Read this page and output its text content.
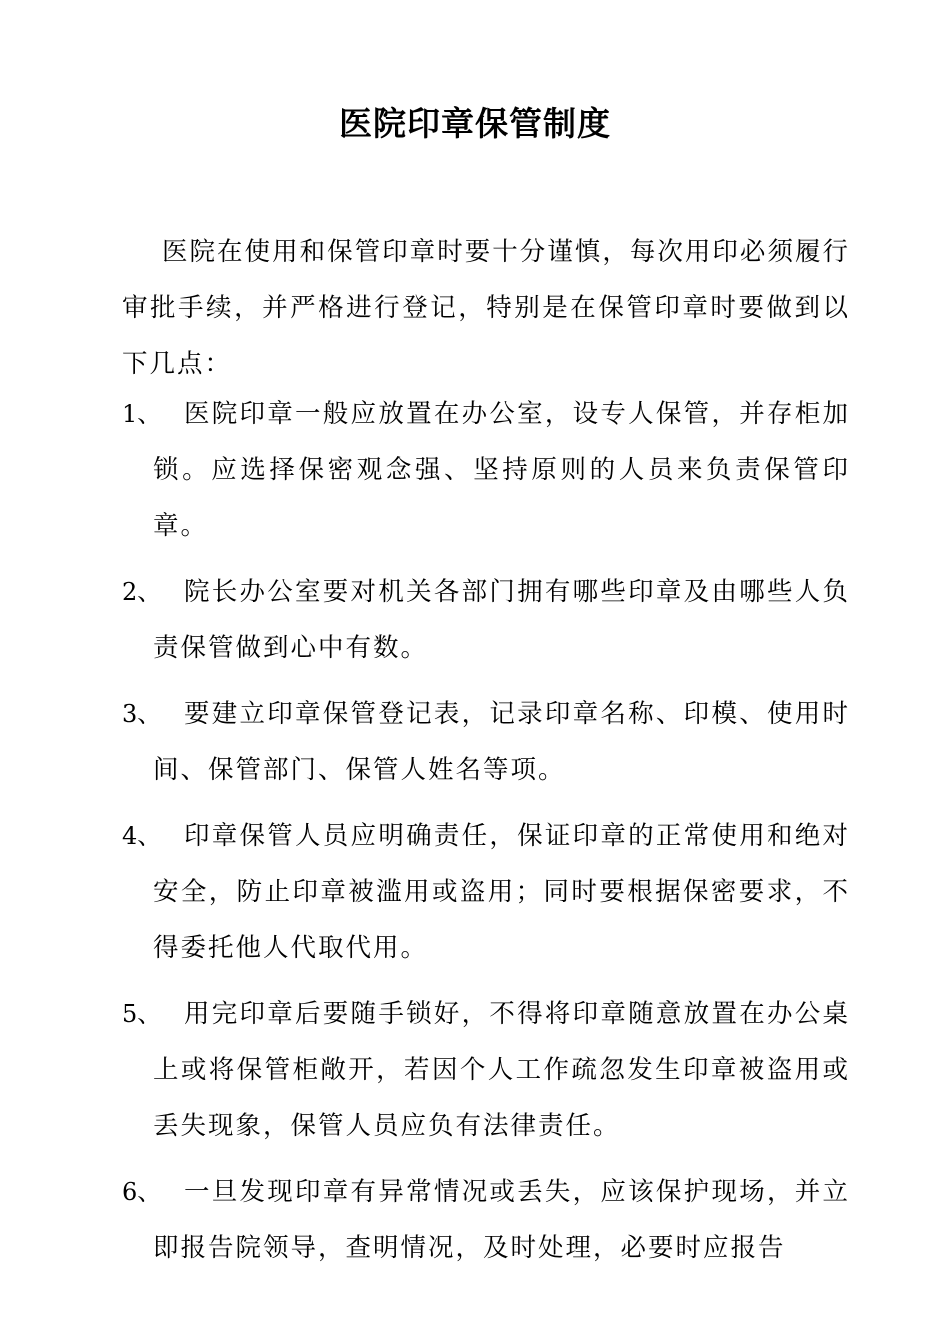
医院印章保管制度

医院在使用和保管印章时要十分谨慎，每次用印必须履行审批手续，并严格进行登记，特别是在保管印章时要做到以下几点：

1、 医院印章一般应放置在办公室，设专人保管，并存柜加锁。应选择保密观念强、坚持原则的人员来负责保管印章。
2、 院长办公室要对机关各部门拥有哪些印章及由哪些人负责保管做到心中有数。
3、 要建立印章保管登记表，记录印章名称、印模、使用时间、保管部门、保管人姓名等项。
4、 印章保管人员应明确责任，保证印章的正常使用和绝对安全，防止印章被滥用或盗用；同时要根据保密要求，不得委托他人代取代用。
5、 用完印章后要随手锁好，不得将印章随意放置在办公桌上或将保管柜敞开，若因个人工作疏忽发生印章被盗用或丢失现象，保管人员应负有法律责任。
6、 一旦发现印章有异常情况或丢失，应该保护现场，并立即报告院领导，查明情况，及时处理，必要时应报告
